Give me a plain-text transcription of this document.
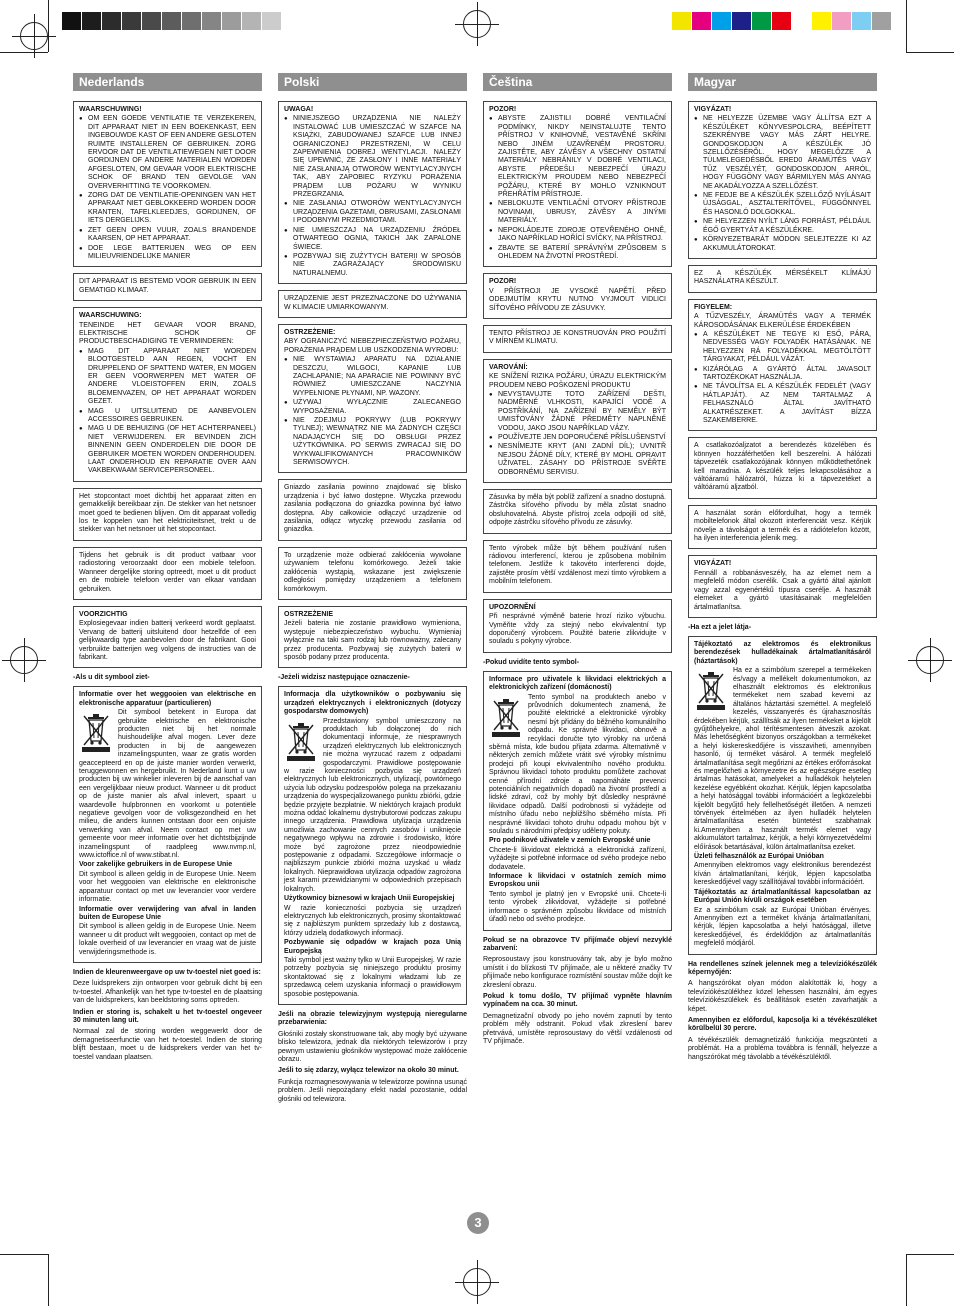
Nederlands

WAARSCHUWING!

● OM EEN GOEDE VENTILATIE TE VERZEKEREN, DIT APPARAAT NIET IN EEN BOEKENKAST, EEN INGEBOUWDE KAST OF EEN ANDERE GESLOTEN RUIMTE INSTALLEREN OF GEBRUIKEN. ZORG ERVOOR DAT DE VENTILATIEWEGEN NIET DOOR GORDIJNEN OF ANDERE MATERIALEN WORDEN AFGESLOTEN, OM GEVAAR VOOR ELEKTRISCHE SCHOK OF BRAND TEN GEVOLGE VAN OVERVERHITTING TE VOORKOMEN.
● ZORG DAT DE VENTILATIE-OPENINGEN VAN HET APPARAAT NIET GEBLOKKEERD WORDEN DOOR KRANTEN, TAFELKLEEDJES, GORDIJNEN, OF IETS DERGELIJKS.
● ZET GEEN OPEN VUUR, ZOALS BRANDENDE KAARSEN, OP HET APPARAAT.
● DOE LEGE BATTERIJEN WEG OP EEN MILIEUVRIENDELIJKE MANIER

DIT APPARAAT IS BESTEMD VOOR GEBRUIK IN EEN GEMATIGD KLIMAAT.

WAARSCHUWING:

TENEINDE HET GEVAAR VOOR BRAND, ELEKTRISCHE SCHOK OF PRODUCTBESCHADIGING TE VERMINDEREN:

● MAG DIT APPARAAT NIET WORDEN BLOOTGESTELD AAN REGEN, VOCHT EN DRUPPELEND OF SPATTEND WATER, EN MOGEN ER GEEN VOORWERPEN MET WATER OF ANDERE VLOEISTOFFEN ERIN, ZOALS BLOEMENVAZEN, OP HET APPARAAT WORDEN GEZET.
● MAG U UITSLUITEND DE AANBEVOLEN ACCESSOIRES GEBRUIKEN.
● MAG U DE BEHUIZING (OF HET ACHTERPANEEL) NIET VERWIJDEREN. ER BEVINDEN ZICH BINNENIN GEEN ONDERDELEN DIE DOOR DE GEBRUIKER MOETEN WORDEN ONDERHOUDEN. LAAT ONDERHOUD EN REPARATIE OVER AAN VAKBEKWAAM SERVICEPERSONEEL.

Het stopcontact moet dichtbij het apparaat zitten en gemakkelijk bereikbaar zijn. De stekker van het netsnoer moet goed te bedienen blijven. Om dit apparaat volledig los te koppelen van het elektriciteitsnet, trekt u de stekker van het netsnoer uit het stopcontact.

Tijdens het gebruik is dit product vatbaar voor radiostoring veroorzaakt door een mobiele telefoon. Wanneer dergelijke storing optreedt, moet u dit product en de mobiele telefoon verder van elkaar vandaan gebruiken.

VOORZICHTIG

Explosiegevaar indien batterij verkeerd wordt geplaatst. Vervang de batterij uitsluitend door hetzelfde of een gelijkwaardig type aanbevolen door de fabrikant. Gooi verbruikte batterijen weg volgens de instructies van de fabrikant.

-Als u dit symbool ziet-

Informatie over het weggooien van elektrische en elektronische apparatuur (particulieren)

Dit symbool betekent in Europa dat gebruikte elektrische en elektronische producten niet bij het normale huishoudelijke afval mogen. Lever deze producten in bij de aangewezen inzamelingspunten, waar ze gratis worden geaccepteerd en op de juiste manier worden verwerkt, teruggewonnen en hergebruikt. In Nederland kunt u uw producten bij uw winkelier inleveren bij de aanschaf van een vergelijkbaar nieuw product. Wanneer u dit product op de juiste manier als afval inlevert, spaart u waardevolle hulpbronnen en voorkomt u potentiële negatieve gevolgen voor de volksgezondheid en het milieu, die anders kunnen ontstaan door een onjuiste verwerking van afval. Neem contact op met uw gemeente voor meer informatie over het dichtstbijzijnde inzamelingspunt of raadpleeg www.nvmp.nl, www.ictoffice.nl of www.stibat.nl.

Voor zakelijke gebruikers in de Europese Unie

Dit symbool is alleen geldig in de Europese Unie. Neem voor het weggooien van elektrische en elektronische apparatuur contact op met uw leverancier voor verdere informatie.

Informatie over verwijdering van afval in landen buiten de Europese Unie

Dit symbool is alleen geldig in de Europese Unie. Neem wanneer u dit product wilt weggooien, contact op met de lokale overheid of uw leverancier en vraag wat de juiste verwijderingsmethode is.

Indien de kleurenweergave op uw tv-toestel niet goed is:

Deze luidsprekers zijn ontworpen voor gebruik dicht bij een tv-toestel. Afhankelijk van het type tv-toestel en de plaatsing van de luidsprekers, kan beeldstoring soms optreden.

Indien er storing is, schakelt u het tv-toestel ongeveer 30 minuten lang uit.

Normaal zal de storing worden weggewerkt door de demagnetiseerfunctie van het tv-toestel. Indien de storing blijft bestaan, moet u de luidsprekers verder van het tv-toestel vandaan plaatsen.

Polski

UWAGA!

● NINIEJSZEGO URZĄDZENIA NIE NALEŻY INSTALOWAĆ LUB UMIESZCZAĆ W SZAFCE NA KSIĄŻKI, ZABUDOWANEJ SZAFCE LUB INNEJ OGRANICZONEJ PRZESTRZENI, W CELU ZAPEWNIENIA DOBREJ WENTYLACJI. NALEŻY SIĘ UPEWNIĆ, ŻE ZASŁONY I INNE MATERIAŁY NIE ZASŁANIAJĄ OTWORÓW WENTYLACYJNYCH TAK, ABY ZAPOBIEC RYZYKU PORAŻENIA PRĄDEM LUB POŻARU W WYNIKU PRZEGRZANIA.
● NIE ZASŁANIAJ OTWORÓW WENTYLACYJNYCH URZĄDZENIA GAZETAMI, OBRUSAMI, ZASŁONAMI I PODOBNYMI PRZEDMIOTAMI.
● NIE UMIESZCZAJ NA URZĄDZENIU ŹRÓDEŁ OTWARTEGO OGNIA, TAKICH JAK ZAPALONE ŚWIECE.
● POZBYWAJ SIĘ ZUŻYTYCH BATERII W SPOSÓB NIE ZAGRAŻAJĄCY ŚRODOWISKU NATURALNEMU.

URZĄDZENIE JEST PRZEZNACZONE DO UŻYWANIA W KLIMACIE UMIARKOWANYM.

OSTRZEŻENIE:

ABY OGRANICZYĆ NIEBEZPIECZEŃSTWO POŻARU, PORAŻENIA PRĄDEM LUB USZKODZENIA WYROBU:

● NIE WYSTAWIAJ APARATU NA DZIAŁANIE DESZCZU, WILGOCI, KAPANIE LUB ZACHLAPANIE; NA APARACIE NIE POWINNY BYĆ RÓWNIEŻ UMIESZCZANE NACZYNIA WYPEŁNIONE PŁYNAMI, NP. WAZONY.
● UŻYWAJ WYŁĄCZNIE ZALECANEGO WYPOSAŻENIA.
● NIE ZDEJMUJ POKRYWY (LUB POKRYWY TYLNEJ); WEWNĄTRZ NIE MA ŻADNYCH CZĘŚCI NADAJĄCYCH SIĘ DO OBSŁUGI PRZEZ UŻYTKOWNIKA. PO SERWIS ZWRACAJ SIĘ DO WYKWALIFIKOWANYCH PRACOWNIKÓW SERWISOWYCH.

Gniazdo zasilania powinno znajdować się blisko urządzenia i być łatwo dostępne. Wtyczka przewodu zasilania podłączona do gniazdka powinna być łatwo dostępna. Aby całkowicie odłączyć urządzenie od zasilania, odłącz wtyczkę przewodu zasilania od gniazdka.

To urządzenie może odbierać zakłócenia wywołane używaniem telefonu komórkowego. Jeżeli takie zakłócenia wystąpią, wskazane jest zwiększenie odległości pomiędzy urządzeniem a telefonem komórkowym.

OSTRZEŻENIE

Jeżeli bateria nie zostanie prawidłowo wymieniona, występuje niebezpieczeństwo wybuchu. Wymieniaj wyłącznie na taki sam rodzaj lub równoważny, zalecany przez producenta. Pozbywaj się zużytych baterii w sposób podany przez producenta.

-Jeżeli widzisz następujące oznaczenie-

Informacja dla użytkowników o pozbywaniu się urządzeń elektrycznych i elektronicznych (dotyczy gospodarstw domowych)

Przedstawiony symbol umieszczony na produktach lub dołączonej do nich dokumentacji informuje, że niesprawnych urządzeń elektrycznych lub elektronicznych nie można wyrzucać razem z odpadami gospodarczymi. Prawidłowe postępowanie w razie konieczności pozbycia się urządzeń elektrycznych lub elektronicznych, utylizacji, powtórnego użycia lub odzysku podzespołów polega na przekazaniu urządzenia do wyspecjalizowanego punktu zbiórki, gdzie będzie przyjęte bezpłatnie. W niektórych krajach produkt można oddać lokalnemu dystrybutorowi podczas zakupu innego urządzenia. Prawidłowa utylizacja urządzenia umożliwia zachowanie cennych zasobów i uniknięcie negatywnego wpływu na zdrowie i środowisko, które może być zagrożone przez nieodpowiednie postępowanie z odpadami. Szczegółowe informacje o najbliższym punkcie zbiórki można uzyskać u władz lokalnych. Nieprawidłowa utylizacja odpadów zagrożona jest karami przewidzianymi w odpowiednich przepisach lokalnych.

Użytkownicy biznesowi w krajach Unii Europejskiej

W razie konieczności pozbycia się urządzeń elektrycznych lub elektronicznych, prosimy skontaktować się z najbliższym punktem sprzedaży lub z dostawcą, którzy udzielą dodatkowych informacji.

Pozbywanie się odpadów w krajach poza Unią Europejską

Taki symbol jest ważny tylko w Unii Europejskej. W razie potrzeby pozbycia się niniejszego produktu prosimy skontaktować się z lokalnymi władzami lub ze sprzedawcą celem uzyskania informacji o prawidłowym sposobie postępowania.

Jeśli na obrazie telewizyjnym występują nieregularne przebarwienia:

Głośniki zostały skonstruowane tak, aby mogły być używane blisko telewizora, jednak dla niektórych telewizorów i przy pewnym ustawieniu głośników występować może zakłócenie obrazu.

Jeśli to się zdarzy, wyłącz telewizor na około 30 minut.

Funkcja rozmagnesowywania w telewizorze powinna usunąć problem. Jeśli niepożądany efekt nadal pozostanie, oddal głośniki od telewizora.

Čeština

POZOR!

● ABYSTE ZAJISTILI DOBRÉ VENTILAČNÍ PODMÍNKY, NIKDY NEINSTALUJTE TENTO PŘÍSTROJ V KNIHOVNĚ, VESTAVĚNÉ SKŘÍNI NEBO JINÉM UZAVŘENÉM PROSTORU. ZAJISTĚTE, ABY ZÁVĚSY A VŠECHNY OSTATNÍ MATERIÁLY NEBRÁNILY V DOBRÉ VENTILACI, ABYSTE PŘEDEŠLI NEBEZPEČÍ ÚRAZU ELEKTRICKÝM PROUDEM NEBO NEBEZPEČÍ POŽÁRU, KTERÉ BY MOHLO VZNIKNOUT PŘEHŘÁTÍM PŘÍSTROJE.
● NEBLOKUJTE VENTILAČNÍ OTVORY PŘÍSTROJE NOVINAMI, UBRUSY, ZÁVĚSY A JINÝMI MATERIÁLY.
● NEPOKLÁDEJTE ZDROJE OTEVŘENÉHO OHNĚ, JAKO NAPŘÍKLAD HOŘÍCÍ SVÍČKY, NA PŘÍSTROJ.
● ZBAVTE SE BATERIÍ SPRÁVNÝM ZPŮSOBEM S OHLEDEM NA ŽIVOTNÍ PROSTŘEDÍ.

POZOR!

V PŘÍSTROJI JE VYSOKÉ NAPĚTÍ. PŘED ODEJMUTÍM KRYTU NUTNO VYJMOUT VIDLICI SÍŤOVÉHO PŘÍVODU ZE ZÁSUVKY.

TENTO PŘÍSTROJ JE KONSTRUOVÁN PRO POUŽITÍ V MÍRNÉM KLIMATU.

VAROVÁNÍ:

KE SNÍŽENÍ RIZIKA POŽÁRU, ÚRAZU ELEKTRICKÝM PROUDEM NEBO POŠKOZENÍ PRODUKTU

● NEVYSTAVUJTE TOTO ZAŘÍZENÍ DEŠTI, NADMĚRNÉ VLHKOSTI, KAPAJÍCÍ VODĚ A POSTŘÍKÁNÍ, NA ZAŘÍZENÍ BY NEMĚLY BÝT UMISŤOVÁNY ŽÁDNÉ PŘEDMĚTY NAPLNĚNÉ VODOU, JAKO JSOU NAPŘÍKLAD VÁZY.
● POUŽÍVEJTE JEN DOPORUČENÉ PŘÍSLUŠENSTVÍ
● NESNÍMEJTE KRYT (ANI ZADNÍ DÍL); UVNITŘ NEJSOU ŽÁDNÉ DÍLY, KTERÉ BY MOHL OPRAVIT UŽIVATEL. ZÁSAHY DO PŘÍSTROJE SVĚŘTE ODBORNÉMU SERVISU.

Zásuvka by měla být poblíž zařízení a snadno dostupná. Zástrčka síťového přívodu by měla zůstat snadno obsluhovatelná. Abyste přístroj zcela odpojili od sítě, odpojte zástrčku síťového přívodu ze zásuvky.

Tento výrobek může být během používání rušen rádiovou interferencí, kterou je způsobena mobilním telefonem. Jestliže k takovéto interferenci dojde, zajistěte prosím větší vzdálenost mezi tímto výrobkem a mobilním telefonem.

UPOZORNĚNÍ

Při nesprávné výměně baterie hrozí riziko výbuchu. Vyměňte vždy za stejný nebo ekvivalentní typ doporučený výrobcem. Použité baterie zlikvidujte v souladu s pokyny výrobce.

-Pokud uvidíte tento symbol-

Informace pro uživatele k likvidaci elektrických a elektronických zařízení (domácnosti)

Tento symbol na produktech anebo v průvodních dokumentech znamená, že použité elektrické a elektronické výrobky nesmí být přidány do běžného komunálního odpadu. Ke správné likvidaci, obnově a recyklaci doručte tyto výrobky na určená sběrná místa, kde budou přijata zdarma. Alternativně v některých zemích můžete vrátit své výrobky místnímu prodejci při koupi ekvivalentního nového produktu. Správnou likvidací tohoto produktu pomůžete zachovat cenné přírodní zdroje a napomáháte prevenci potenciálních negativních dopadů na životní prostředí a lidské zdraví, což by mohly být důsledky nesprávné likvidace odpadů. Další podrobnosti si vyžádejte od místního úřadu nebo nejbližšího sběrného místa. Při nesprávné likvidaci tohoto druhu odpadu mohou být v souladu s národními předpisy uděleny pokuty.

Pro podnikové uživatele v zemích Evropské unie

Chcete-li likvidovat elektrická a elektronická zařízení, vyžádejte si potřebné informace od svého prodejce nebo dodavatele.

Informace k likvidaci v ostatních zemích mimo Evropskou unii

Tento symbol je platný jen v Evropské unii. Chcete-li tento výrobek zlikvidovat, vyžádejte si potřebné informace o správném způsobu likvidace od místních úřadů nebo od svého prodejce.

Pokud se na obrazovce TV přijímače objeví nezvyklé zabarvení:

Reprosoustavy jsou konstruovány tak, aby je bylo možno umístit i do blízkosti TV přijímače, ale u některé značky TV přijímače nebo konfigurace rozmístění soustav může dojít ke zkreslení obrazu.

Pokud k tomu došlo, TV přijímač vypněte hlavním vypínačem na cca. 30 minut.

Demagnetizační obvody po jeho novém zapnutí by tento problém měly odstranit. Pokud však zkreslení barev přetrvává, umístěte reprosoustavy do větší vzdálenosti od TV přijímače.

Magyar

VIGYÁZAT!

● NE HELYEZZE ÜZEMBE VAGY ÁLLÍTSA EZT A KÉSZÜLÉKET KÖNYVESPOLCRA, BEÉPÍTETT SZEKRÉNYBE VAGY MÁS ZÁRT HELYRE. GONDOSKODJON A KÉSZÜLÉK JÓ SZELLŐZÉSÉRŐL. HOGY MEGELŐZZE A TÚLMELEGEDÉSBŐL ERED0 ÁRAMÜTÉS VAGY TŰZ VESZÉLYÉT, GONDOSKODJON ARRÓL, HOGY FÜGGÖNY VAGY BÁRMILYEN MÁS ANYAG NE AKADÁLYOZZA A SZELLŐZÉST.
● NE FEDJE BE A KÉSZÜLÉK SZELLŐZŐ NYÍLÁSAIT ÚJSÁGGAL, ASZTALTERÍTŐVEL, FÜGGÖNNYEL ÉS HASONLÓ DOLGOKKAL.
● NE HELYEZZEN NYÍLT LÁNG FORRÁST, PÉLDÁUL ÉGŐ GYERTYÁT A KÉSZÜLÉKRE.
● KÖRNYEZETBARÁT MÓDON SELEJTEZZE KI AZ AKKUMULÁTOROKAT.

EZ A KÉSZÜLÉK MÉRSÉKELT KLÍMÁJÚ HASZNÁLATRA KÉSZÜLT.

FIGYELEM:

A TŰZVESZÉLY, ÁRAMÜTÉS VAGY A TERMÉK KÁROSODÁSÁNAK ELKERÜLÉSE ÉRDEKÉBEN

● A KÉSZÜLÉKET NE TEGYE KI ESŐ, PÁRA, NEDVESSÉG VAGY FOLYADÉK HATÁSÁNAK. NE HELYEZZEN RÁ FOLYADÉKKAL MEGTÖLTÖTT TÁRGYAKAT, PÉLDÁUL VÁZÁT.
● KIZÁRÓLAG A GYÁRTÓ ÁLTAL JAVASOLT TARTOZÉKOKAT HASZNÁLJA.
● NE TÁVOLÍTSA EL A KÉSZÜLÉK FEDELÉT (VAGY HÁTLAPJÁT). AZ NEM TARTALMAZ A FELHASZNÁLÓ ÁLTAL JAVÍTHATÓ ALKATRÉSZEKET. A JAVÍTÁST BÍZZA SZAKEMBERRE.

A csatlakozóaljzatot a berendezés közelében és könnyen hozzáférhetően kell beszerelni. A hálózati tápvezeték csatlakozójának könnyen működtethetőnek kell maradnia. A készülék teljes lekapcsolásához a váltóáramú hálózatról, húzza ki a tápvezetéket a váltóáramú aljzatból.

A használat során előfordulhat, hogy a termék mobiltelefonok által okozott interferenciát vesz. Kérjük növelje a távolságot a termék és a rádiótelefon között, ha ilyen interferencia jelenik meg.

VIGYÁZAT!

Fennáll a robbanásveszély, ha az elemet nem a megfelelő módon cserélik. Csak a gyártó által ajánlott vagy azzal egyenértékű típusra cserélje. A használt elemeket a gyártó utasításainak megfelelően ártalmatlanítsa.

-Ha ezt a jelet látja-

Tájékoztató az elektromos és elektronikus berendezések hulladékainak ártalmatlanításáról (háztartások)

Ha ez a szimbólum szerepel a termékeken és/vagy a mellékelt dokumentumokon, az elhasznált elektromos és elektronikus termékeket nem szabad keverni az általános háztartási szeméttel. A megfelelő kezelés, visszanyerés és újrahasznosítás érdekében kérjük, szállítsák az ilyen termékeket a kijelölt gyűjtőhelyekre, ahol térítésmentesen átveszik azokat. Más lehetőségként bizonyos országokban a termékeket a helyi kiskereskedőjére is visszaviheti, amennyiben hasonló, új terméket vásárol. A termék megfelelő ártalmatlanítása segít megőrizni az értékes erőforrásokat és megelőzheti a környezetre és az egészségre esetleg ártalmas hatásokat, amelyeket a hulladékok helytelen kezelése egyébként okozhat. Kérjük, lépjen kapcsolatba a helyi hatósággal további információért a legközelebbi kijelölt begyűjtő hely fellelhetőségét illetően. A nemzeti törvények értelmében az ilyen hulladék helytelen ártalmatlanítása esetén büntetést szabhatnak ki.Amennyiben a használt termék elemet vagy akkumulátort tartalmaz, kérjük, a helyi környezetvédelmi előírások betartásával, külön ártalmatlanítsa ezeket.

Üzleti felhasználók az Európai Unióban

Amennyiben elektromos vagy elektronikus berendezést kíván ártalmatlanítani, kérjük, lépjen kapcsolatba kereskedőjével vagy szállítójával további információért.

Tájékoztatás az ártalmatlanítással kapcsolatban az Európai Unión kívüli országok esetében

Ez a szimbólum csak az Európai Unióban érvényes. Amennyiben ezt a terméket kívánja ártalmatlanítani, kérjük, lépjen kapcsolatba a helyi hatósággal, illetve kereskedőjével, és érdeklődjön az ártalmatlanítás megfelelő módjáról.

Ha rendellenes színek jelennek meg a televíziókészülék képernyőjén:

A hangszórókat olyan módon alakították ki, hogy a televíziókészülékhez közel lehessen használni, ám egyes televíziókészülékek és beállítások esetén zavarhatják a képet.

Amennyiben ez előfordul, kapcsolja ki a tévékészüléket körülbelül 30 percre.

A tévékészülék demagnetizáló funkciója megszünteti a problémát. Ha a probléma továbbra is fennáll, helyezze a hangszórókat még távolabb a tévékészüléktől.

3
